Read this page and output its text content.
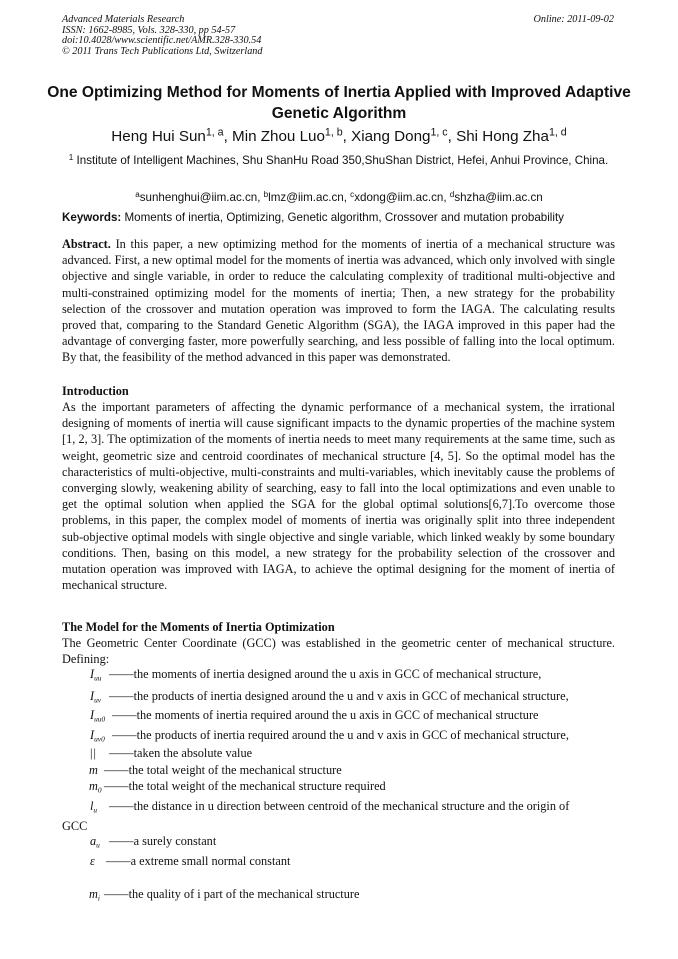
Advanced Materials Research
ISSN: 1662-8985, Vols. 328-330, pp 54-57
doi:10.4028/www.scientific.net/AMR.328-330.54
© 2011 Trans Tech Publications Ltd, Switzerland
Online: 2011-09-02
One Optimizing Method for Moments of Inertia Applied with Improved Adaptive Genetic Algorithm
Heng Hui Sun$^{1, a}$, Min Zhou Luo$^{1, b}$, Xiang Dong$^{1, c}$, Shi Hong Zha$^{1, d}$
$^1$ Institute of Intelligent Machines, Shu ShanHu Road 350,ShuShan District, Hefei, Anhui Province, China.
$^a$sunhenghui@iim.ac.cn, $^b$lmz@iim.ac.cn, $^c$xdong@iim.ac.cn, $^d$shzha@iim.ac.cn
Keywords: Moments of inertia, Optimizing, Genetic algorithm, Crossover and mutation probability
Abstract. In this paper, a new optimizing method for the moments of inertia of a mechanical structure was advanced. First, a new optimal model for the moments of inertia was advanced, which only involved with single objective and single variable, in order to reduce the calculating complexity of traditional multi-objective and multi-constrained optimizing model for the moments of inertia; Then, a new strategy for the probability selection of the crossover and mutation operation was improved to form the IAGA. The calculating results proved that, comparing to the Standard Genetic Algorithm (SGA), the IAGA improved in this paper had the advantage of converging faster, more powerfully searching, and less possible of falling into the local optimum. By that, the feasibility of the method advanced in this paper was demonstrated.
Introduction
As the important parameters of affecting the dynamic performance of a mechanical system, the irrational designing of moments of inertia will cause significant impacts to the dynamic properties of the machine system [1, 2, 3]. The optimization of the moments of inertia needs to meet many requirements at the same time, such as weight, geometric size and centroid coordinates of mechanical structure [4, 5]. So the optimal model has the characteristics of multi-objective, multi-constraints and multi-variables, which inevitably cause the problems of converging slowly, weakening ability of searching, easy to fall into the local optimizations and even unable to get the optimal solution when applied the SGA for the global optimal solutions[6,7].To overcome those problems, in this paper, the complex model of moments of inertia was originally split into three independent sub-objective optimal models with single objective and single variable, which linked weakly by some boundary conditions. Then, basing on this model, a new strategy for the probability selection of the crossover and mutation operation was improved with IAGA, to achieve the optimal designing for the moment of inertia of mechanical structure.
The Model for the Moments of Inertia Optimization
The Geometric Center Coordinate (GCC) was established in the geometric center of mechanical structure. Defining:
$I_{uu}$ ——the moments of inertia designed around the u axis in GCC of mechanical structure,
$I_{uv}$ ——the products of inertia designed around the u and v axis in GCC of mechanical structure,
$I_{uu0}$ ——the moments of inertia required around the u axis in GCC of mechanical structure
$I_{uv0}$ ——the products of inertia required around the u and v axis in GCC of mechanical structure,
|| ——taken the absolute value
m ——the total weight of the mechanical structure
$m_0$ ——the total weight of the mechanical structure required
$l_u$ ——the distance in u direction between centroid of the mechanical structure and the origin of
GCC
$a_u$ ——a surely constant
ε ——a extreme small normal constant
$m_i$ ——the quality of i part of the mechanical structure
